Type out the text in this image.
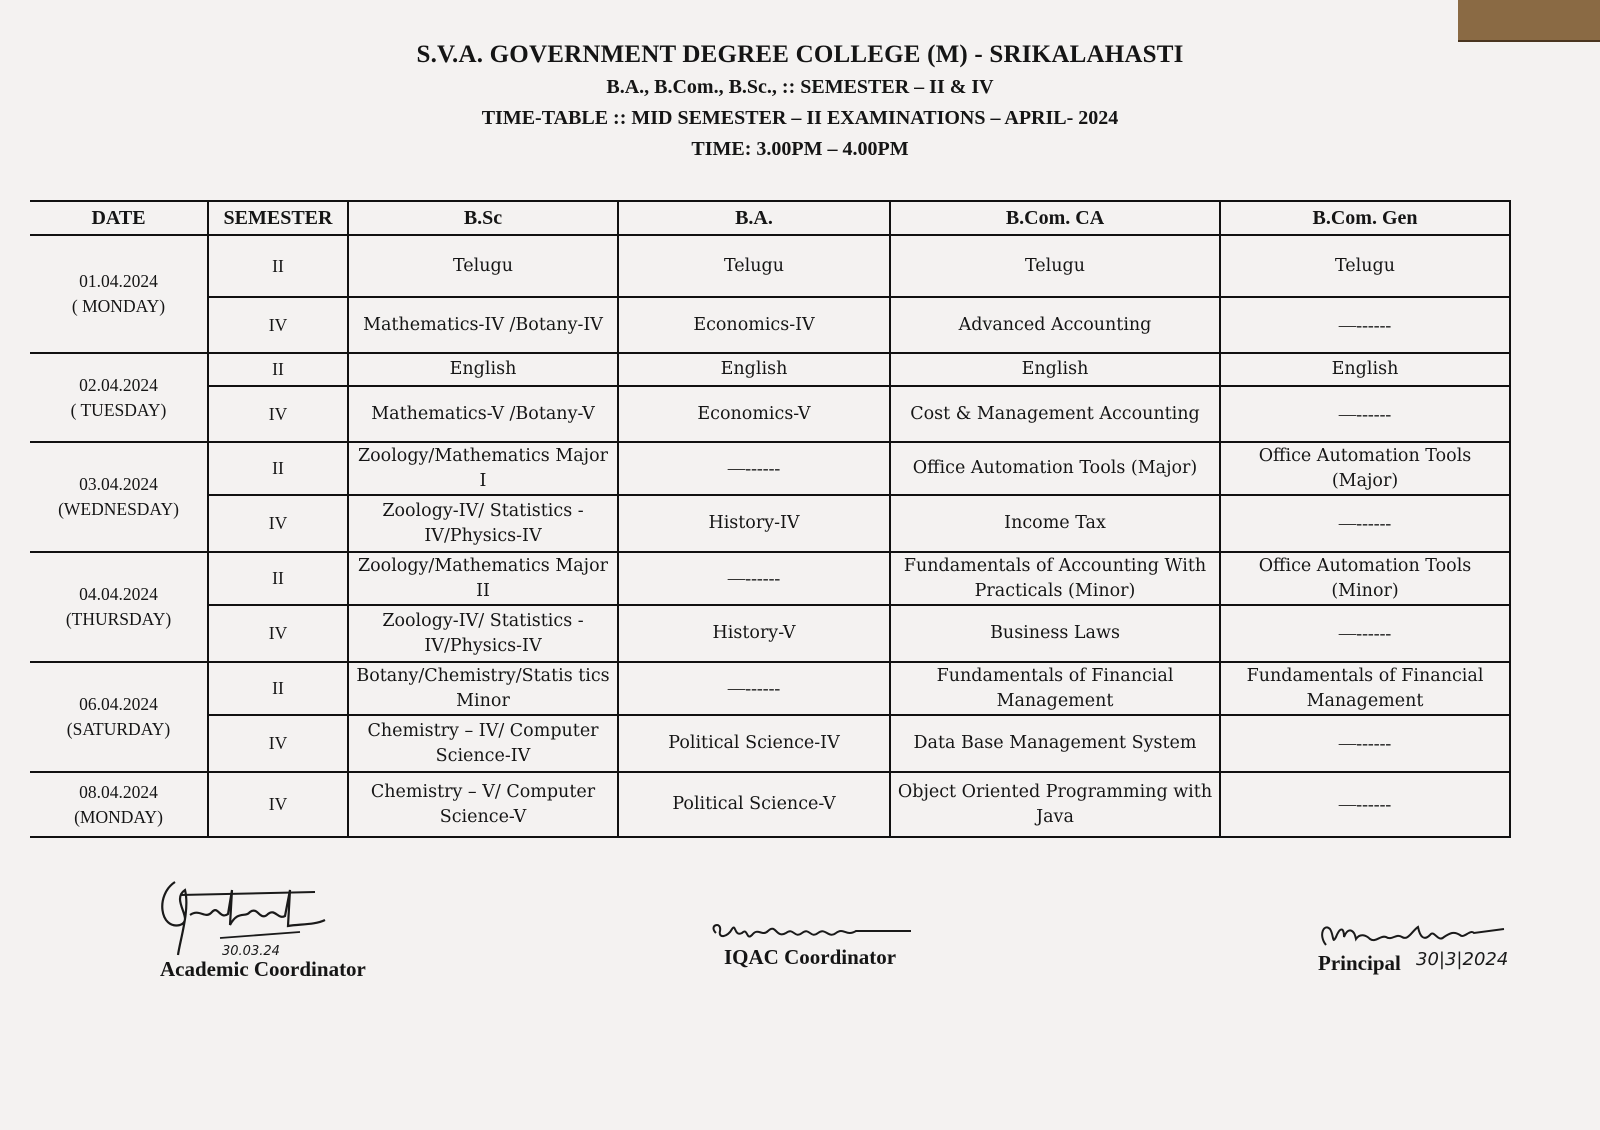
S.V.A. GOVERNMENT DEGREE COLLEGE (M) - SRIKALAHASTI
B.A., B.Com., B.Sc., :: SEMESTER – II & IV
TIME-TABLE :: MID SEMESTER – II EXAMINATIONS – APRIL- 2024
TIME: 3.00PM – 4.00PM
DATE	SEMESTER	B.Sc	B.A.	B.Com. CA	B.Com. Gen

01.04.2024
( MONDAY)	II	Telugu	Telugu	Telugu	Telugu
	IV	Mathematics-IV /Botany-IV	Economics-IV	Advanced Accounting	—------

02.04.2024
( TUESDAY)	II	English	English	English	English
	IV	Mathematics-V /Botany-V	Economics-V	Cost & Management Accounting	—------

03.04.2024
(WEDNESDAY)	II	Zoology/Mathematics Major I	—------	Office Automation Tools (Major)	Office Automation Tools (Major)
	IV	Zoology-IV/ Statistics -IV/Physics-IV	History-IV	Income Tax	—------

04.04.2024
(THURSDAY)	II	Zoology/Mathematics Major II	—------	Fundamentals of Accounting With Practicals (Minor)	Office Automation Tools (Minor)
	IV	Zoology-IV/ Statistics -IV/Physics-IV	History-V	Business Laws	—------

06.04.2024
(SATURDAY)	II	Botany/Chemistry/Statis tics Minor	—------	Fundamentals of Financial Management	Fundamentals of Financial Management
	IV	Chemistry – IV/ Computer Science-IV	Political Science-IV	Data Base Management System	—------

08.04.2024
(MONDAY)	IV	Chemistry – V/ Computer Science-V	Political Science-V	Object Oriented Programming with Java	—------
30.03.24
Academic Coordinator	IQAC Coordinator	Principal 30|3|2024
